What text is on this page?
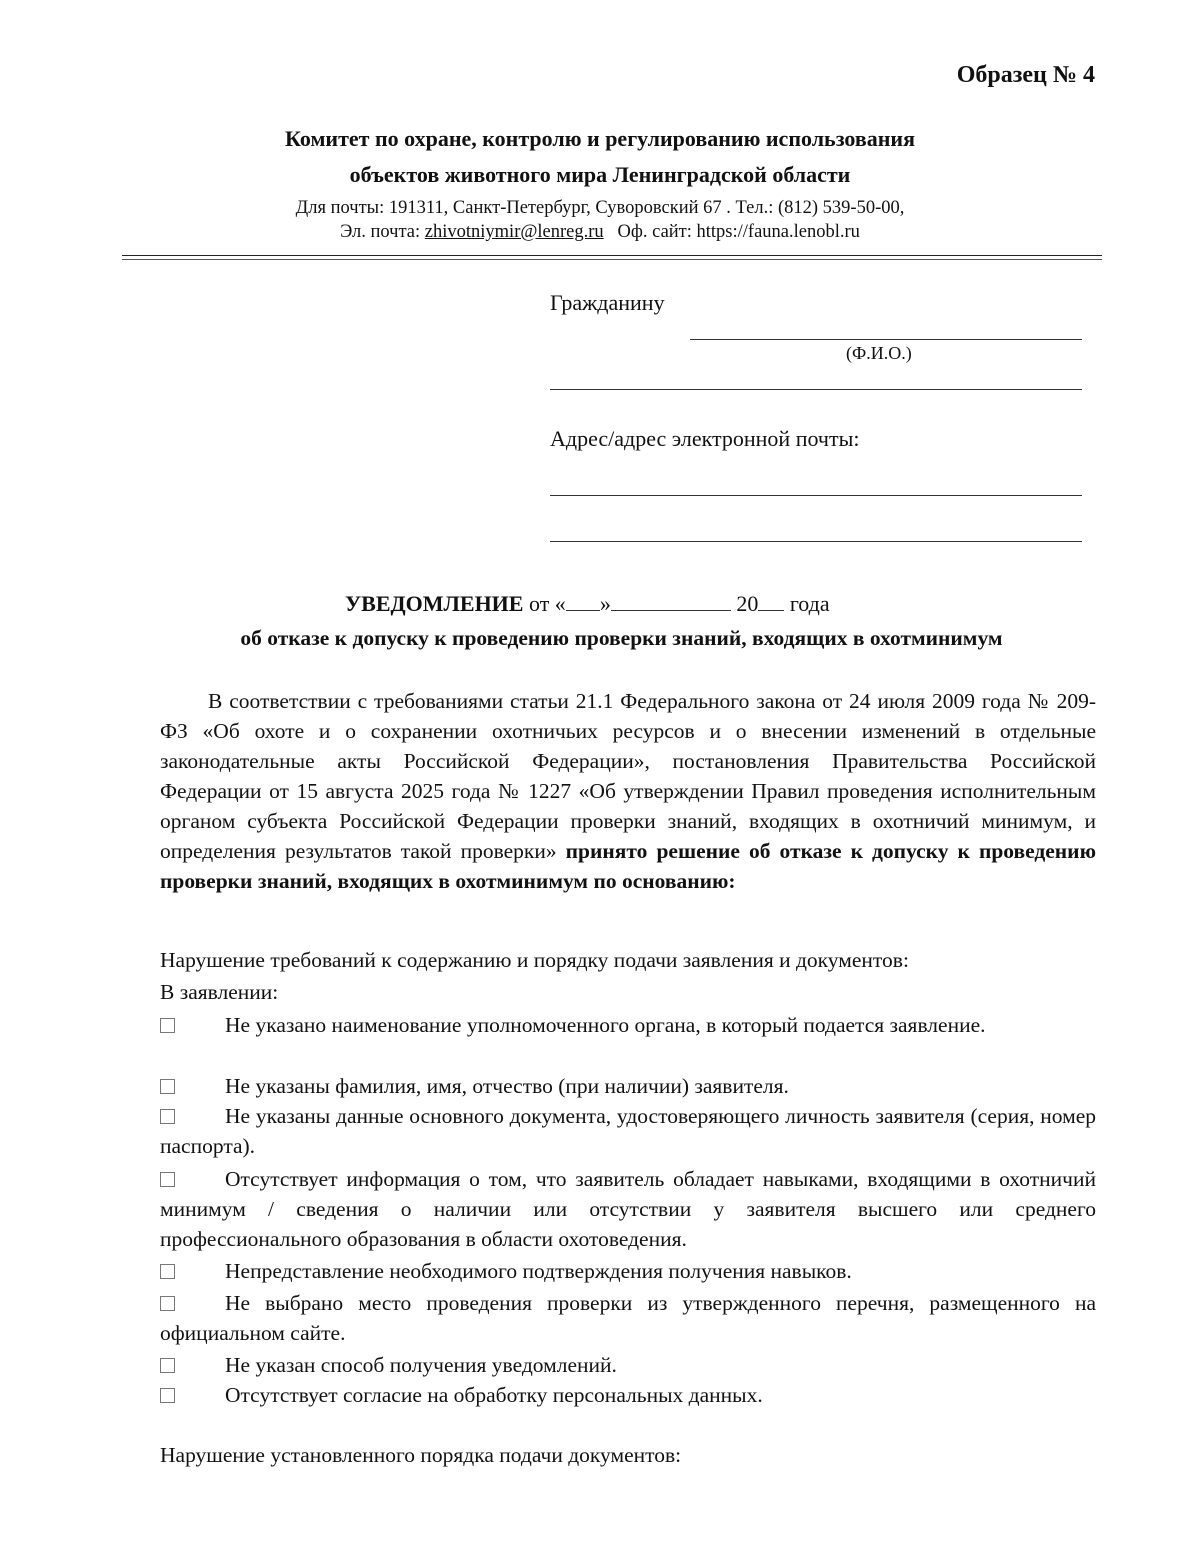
Образец № 4
Комитет по охране, контролю и регулированию использования
объектов животного мира Ленинградской области
Для почты: 191311, Санкт-Петербург, Суворовский 67 . Тел.: (812) 539-50-00,
Эл. почта: zhivotniymir@lenreg.ru Оф. сайт: https://fauna.lenobl.ru
Гражданину
(Ф.И.О.)
Адрес/адрес электронной почты:
УВЕДОМЛЕНИЕ от « »	20 года
об отказе к допуску к проведению проверки знаний, входящих в охотминимум
В соответствии с требованиями статьи 21.1 Федерального закона от 24 июля 2009 года № 209-ФЗ «Об охоте и о сохранении охотничьих ресурсов и о внесении изменений в отдельные законодательные акты Российской Федерации», постановления Правительства Российской Федерации от 15 августа 2025 года № 1227 «Об утверждении Правил проведения исполнительным органом субъекта Российской Федерации проверки знаний, входящих в охотничий минимум, и определения результатов такой проверки» принято решение об отказе к допуску к проведению проверки знаний, входящих в охотминимум по основанию:
Нарушение требований к содержанию и порядку подачи заявления и документов:
В заявлении:
Не указано наименование уполномоченного органа, в который подается заявление.
Не указаны фамилия, имя, отчество (при наличии) заявителя.
Не указаны данные основного документа, удостоверяющего личность заявителя (серия, номер паспорта).
Отсутствует информация о том, что заявитель обладает навыками, входящими в охотничий минимум / сведения о наличии или отсутствии у заявителя высшего или среднего профессионального образования в области охотоведения.
Непредставление необходимого подтверждения получения навыков.
Не выбрано место проведения проверки из утвержденного перечня, размещенного на официальном сайте.
Не указан способ получения уведомлений.
Отсутствует согласие на обработку персональных данных.
Нарушение установленного порядка подачи документов:
